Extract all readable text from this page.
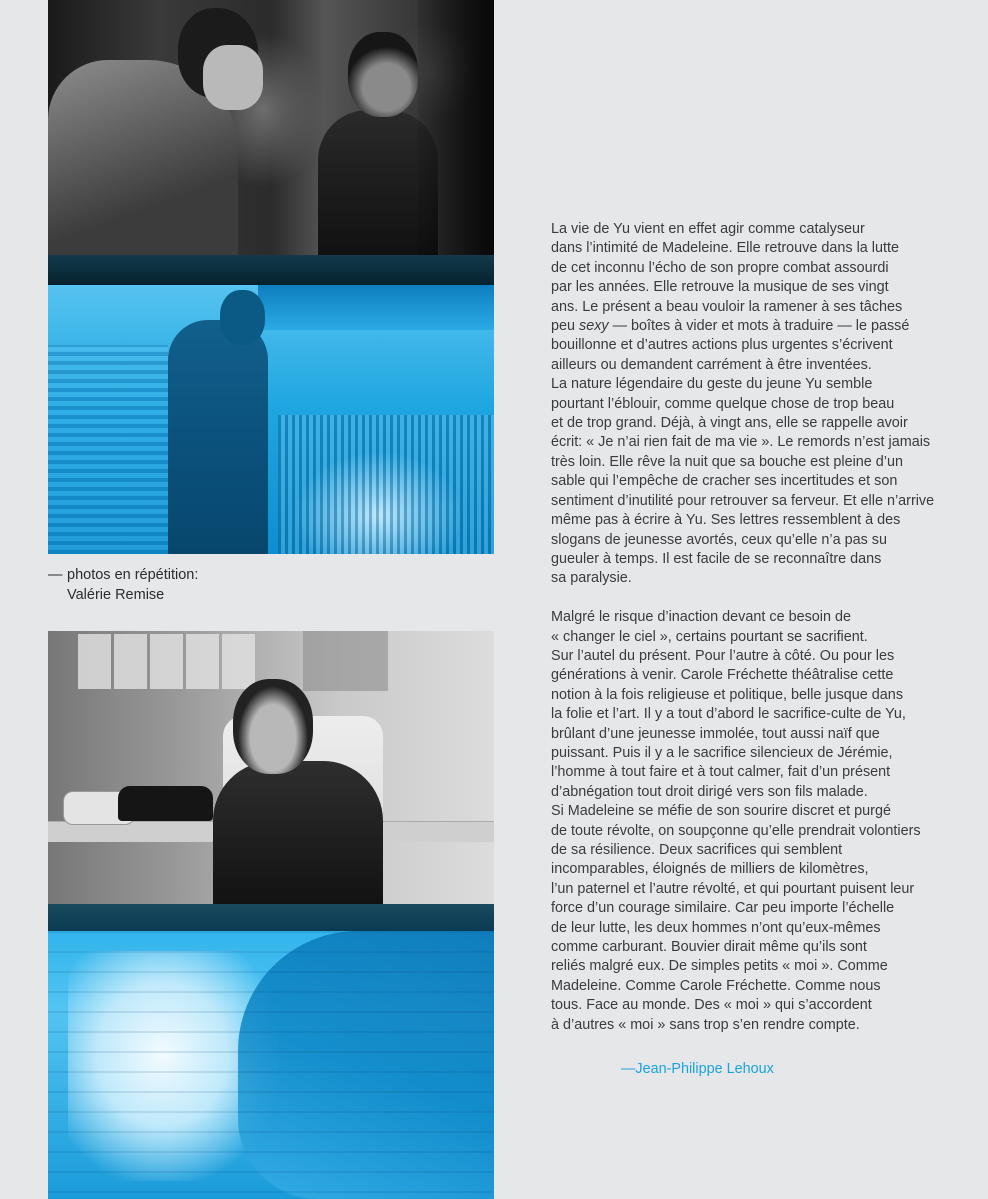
— photos en répétition:
Valérie Remise

La vie de Yu vient en effet agir comme catalyseur
dans l’intimité de Madeleine. Elle retrouve dans la lutte
de cet inconnu l’écho de son propre combat assourdi
par les années. Elle retrouve la musique de ses vingt
ans. Le présent a beau vouloir la ramener à ses tâches
peu sexy — boîtes à vider et mots à traduire — le passé
bouillonne et d’autres actions plus urgentes s’écrivent
ailleurs ou demandent carrément à être inventées.
La nature légendaire du geste du jeune Yu semble
pourtant l’éblouir, comme quelque chose de trop beau
et de trop grand. Déjà, à vingt ans, elle se rappelle avoir
écrit: « Je n’ai rien fait de ma vie ». Le remords n’est jamais
très loin. Elle rêve la nuit que sa bouche est pleine d’un
sable qui l’empêche de cracher ses incertitudes et son
sentiment d’inutilité pour retrouver sa ferveur. Et elle n’arrive
même pas à écrire à Yu. Ses lettres ressemblent à des
slogans de jeunesse avortés, ceux qu’elle n’a pas su
gueuler à temps. Il est facile de se reconnaître dans
sa paralysie.

Malgré le risque d’inaction devant ce besoin de
« changer le ciel », certains pourtant se sacrifient.
Sur l’autel du présent. Pour l’autre à côté. Ou pour les
générations à venir. Carole Fréchette théâtralise cette
notion à la fois religieuse et politique, belle jusque dans
la folie et l’art. Il y a tout d’abord le sacrifice-culte de Yu,
brûlant d’une jeunesse immolée, tout aussi naïf que
puissant. Puis il y a le sacrifice silencieux de Jérémie,
l’homme à tout faire et à tout calmer, fait d’un présent
d’abnégation tout droit dirigé vers son fils malade.
Si Madeleine se méfie de son sourire discret et purgé
de toute révolte, on soupçonne qu’elle prendrait volontiers
de sa résilience. Deux sacrifices qui semblent
incomparables, éloignés de milliers de kilomètres,
l’un paternel et l’autre révolté, et qui pourtant puisent leur
force d’un courage similaire. Car peu importe l’échelle
de leur lutte, les deux hommes n’ont qu’eux-mêmes
comme carburant. Bouvier dirait même qu’ils sont
reliés malgré eux. De simples petits « moi ». Comme
Madeleine. Comme Carole Fréchette. Comme nous
tous. Face au monde. Des « moi » qui s’accordent
à d’autres « moi » sans trop s’en rendre compte.

—Jean-Philippe Lehoux
